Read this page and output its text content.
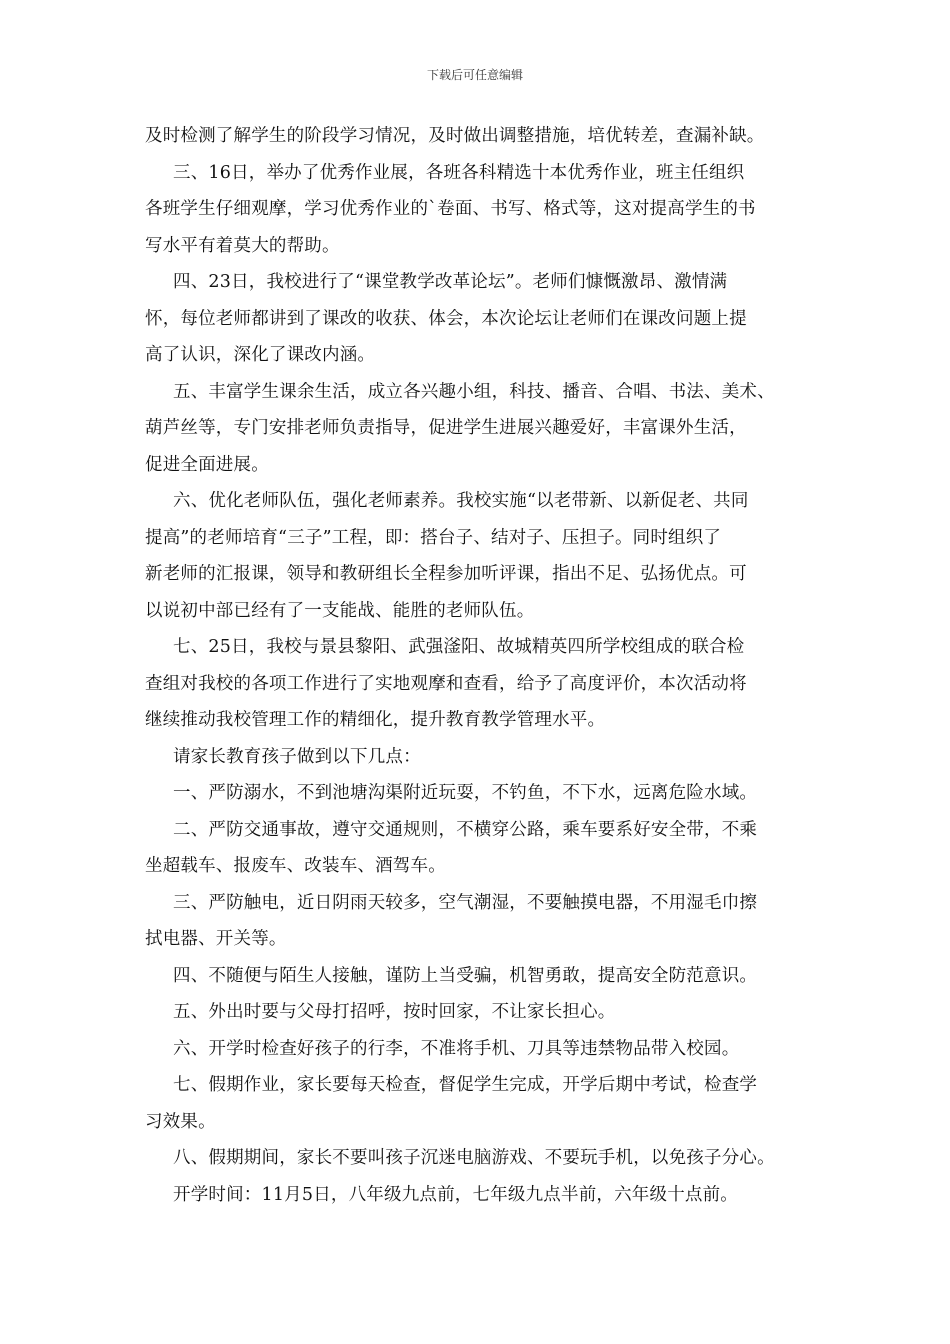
下载后可任意编辑
及时检测了解学生的阶段学习情况，及时做出调整措施，培优转差，查漏补缺。
三、16日，举办了优秀作业展，各班各科精选十本优秀作业，班主任组织
各班学生仔细观摩，学习优秀作业的`卷面、书写、格式等，这对提高学生的书
写水平有着莫大的帮助。
四、23日，我校进行了“课堂教学改革论坛”。老师们慷慨激昂、激情满
怀，每位老师都讲到了课改的收获、体会，本次论坛让老师们在课改问题上提
高了认识，深化了课改内涵。
五、丰富学生课余生活，成立各兴趣小组，科技、播音、合唱、书法、美术、
葫芦丝等，专门安排老师负责指导，促进学生进展兴趣爱好，丰富课外生活，
促进全面进展。
六、优化老师队伍，强化老师素养。我校实施“以老带新、以新促老、共同
提高”的老师培育“三子”工程，即：搭台子、结对子、压担子。同时组织了
新老师的汇报课，领导和教研组长全程参加听评课，指出不足、弘扬优点。可
以说初中部已经有了一支能战、能胜的老师队伍。
七、25日，我校与景县黎阳、武强滏阳、故城精英四所学校组成的联合检
查组对我校的各项工作进行了实地观摩和查看，给予了高度评价，本次活动将
继续推动我校管理工作的精细化，提升教育教学管理水平。
请家长教育孩子做到以下几点：
一、严防溺水，不到池塘沟渠附近玩耍，不钓鱼，不下水，远离危险水域。
二、严防交通事故，遵守交通规则，不横穿公路，乘车要系好安全带，不乘
坐超载车、报废车、改装车、酒驾车。
三、严防触电，近日阴雨天较多，空气潮湿，不要触摸电器，不用湿毛巾擦
拭电器、开关等。
四、不随便与陌生人接触，谨防上当受骗，机智勇敢，提高安全防范意识。
五、外出时要与父母打招呼，按时回家，不让家长担心。
六、开学时检查好孩子的行李，不准将手机、刀具等违禁物品带入校园。
七、假期作业，家长要每天检查，督促学生完成，开学后期中考试，检查学
习效果。
八、假期期间，家长不要叫孩子沉迷电脑游戏、不要玩手机，以免孩子分心。
开学时间：11月5日，八年级九点前，七年级九点半前，六年级十点前。
